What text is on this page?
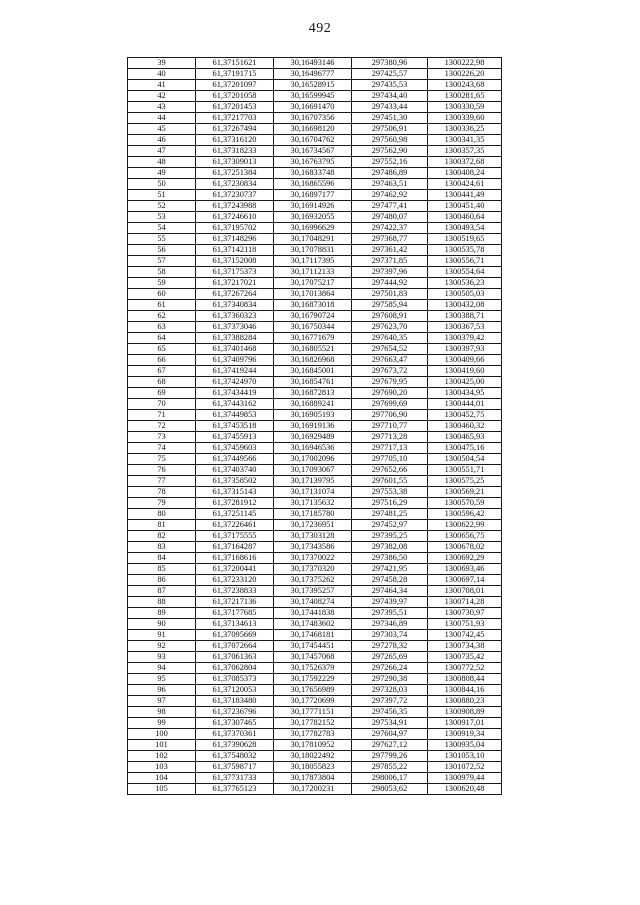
492
39	61,37151621	30,16493146	297380,96	1300222,98
40	61,37191715	30,16496777	297425,57	1300226,20
41	61,37201097	30,16528915	297435,53	1300243,68
42	61,37201058	30,16599945	297434,40	1300281,65
43	61,37201453	30,16691470	297433,44	1300330,59
44	61,37217703	30,16707356	297451,30	1300339,60
45	61,37267494	30,16698120	297506,91	1300336,25
46	61,37316120	30,16704762	297560,98	1300341,35
47	61,37318233	30,16734567	297562,90	1300357,35
48	61,37309013	30,16763795	297552,16	1300372,68
49	61,37251384	30,16833748	297486,89	1300408,24
50	61,37230834	30,16865596	297463,51	1300424,61
51	61,37230737	30,16897177	297462,92	1300441,49
52	61,37243988	30,16914926	297477,41	1300451,40
53	61,37246610	30,16932055	297480,07	1300460,64
54	61,37195702	30,16996629	297422,37	1300493,54
55	61,37148296	30,17048291	297368,77	1300519,65
56	61,37142118	30,17078831	297361,42	1300535,78
57	61,37152008	30,17117395	297371,85	1300556,71
58	61,37175373	30,17112133	297397,96	1300554,64
59	61,37217021	30,17075217	297444,92	1300536,23
60	61,37267264	30,17013864	297501,83	1300505,03
61	61,37340834	30,16873018	297585,94	1300432,08
62	61,37360323	30,16790724	297608,91	1300388,71
63	61,37373046	30,16750344	297623,70	1300367,53
64	61,37388284	30,16771679	297640,35	1300379,42
65	61,37401468	30,16805521	297654,52	1300397,93
66	61,37409796	30,16826968	297663,47	1300409,66
67	61,37419244	30,16845001	297673,72	1300419,60
68	61,37424970	30,16854761	297679,95	1300425,00
69	61,37434419	30,16872813	297690,20	1300434,95
70	61,37443162	30,16889241	297699,69	1300444,01
71	61,37449853	30,16905193	297706,90	1300452,75
72	61,37453518	30,16919136	297710,77	1300460,32
73	61,37455913	30,16929489	297713,28	1300465,93
74	61,37459603	30,16946536	297717,13	1300475,16
75	61,37449566	30,17002096	297705,10	1300504,54
76	61,37403740	30,17093067	297652,66	1300551,71
77	61,37358502	30,17139795	297601,55	1300575,25
78	61,37315143	30,17131074	297553,38	1300569,21
79	61,37281912	30,17135632	297516,29	1300570,59
80	61,37251145	30,17185780	297481,25	1300596,42
81	61,37226461	30,17236951	297452,97	1300622,99
82	61,37175555	30,17303128	297395,25	1300656,75
83	61,37164287	30,17343586	297382,08	1300678,02
84	61,37168616	30,17370022	297386,50	1300692,29
85	61,37200441	30,17370320	297421,95	1300693,46
86	61,37233120	30,17375262	297458,28	1300697,14
87	61,37238833	30,17395257	297464,34	1300708,01
88	61,37217136	30,17408274	297439,97	1300714,28
89	61,37177685	30,17441838	297395,51	1300730,97
90	61,37134613	30,17483602	297346,89	1300751,93
91	61,37095669	30,17468181	297303,74	1300742,45
92	61,37072664	30,17454451	297278,32	1300734,38
93	61,37061363	30,17457068	297265,69	1300735,42
94	61,37062804	30,17526379	297266,24	1300772,52
95	61,37085373	30,17592229	297290,38	1300808,44
96	61,37120053	30,17656989	297328,03	1300844,16
97	61,37183480	30,17720699	297397,72	1300880,23
98	61,37236796	30,17771151	297456,35	1300908,89
99	61,37307465	30,17782152	297534,91	1300917,01
100	61,37370361	30,17782783	297604,97	1300919,34
101	61,37390628	30,17810952	297627,12	1300935,04
102	61,37548032	30,18022492	297799,26	1301053,10
103	61,37598717	30,18055823	297855,22	1301072,52
104	61,37731733	30,17873804	298006,17	1300979,44
105	61,37765123	30,17200231	298053,62	1300620,48
